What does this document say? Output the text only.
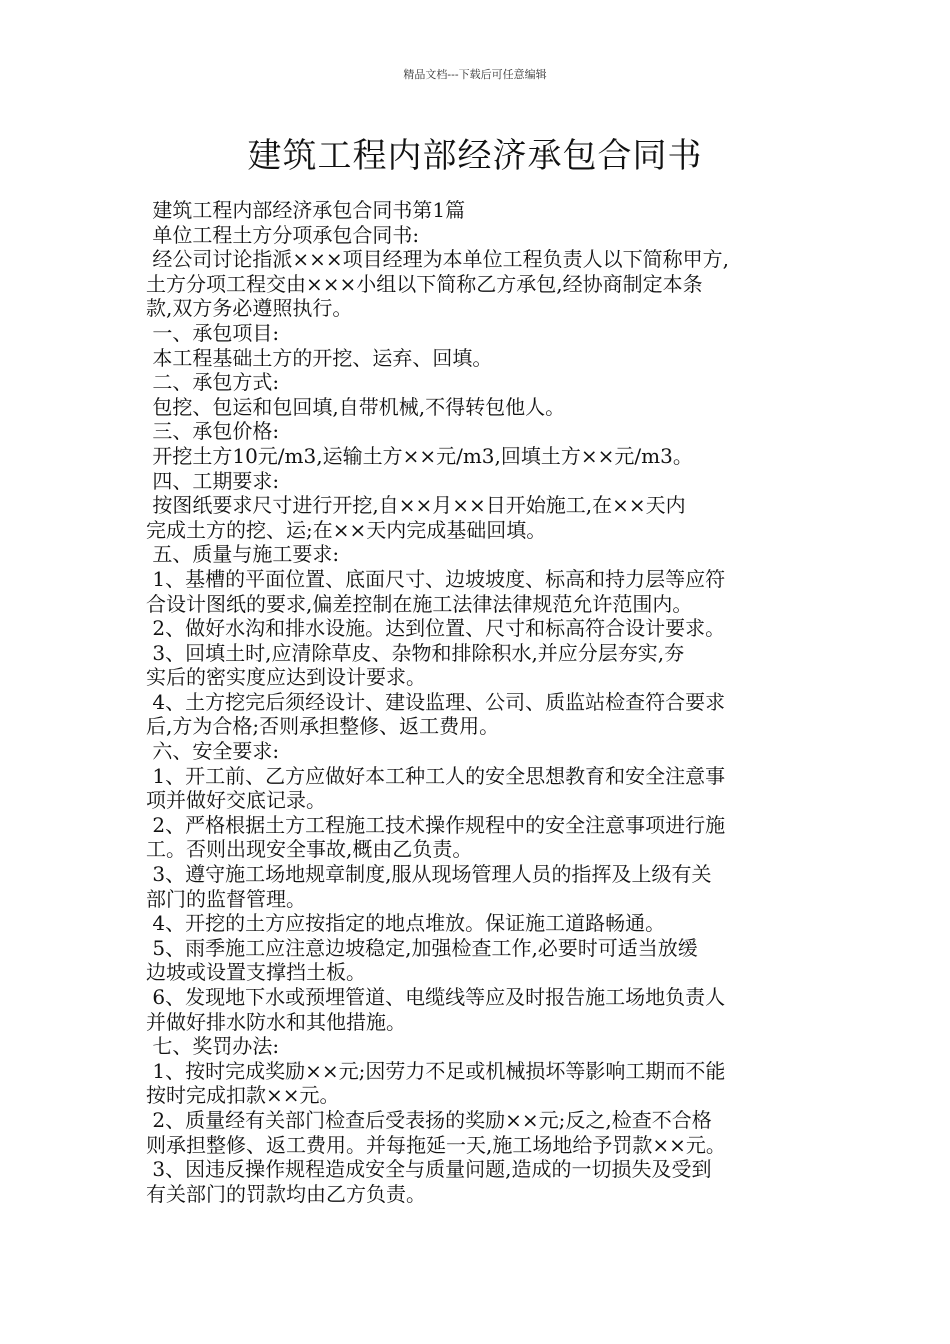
精品文档---下载后可任意编辑
建筑工程内部经济承包合同书
建筑工程内部经济承包合同书第1篇
单位工程土方分项承包合同书:
经公司讨论指派×××项目经理为本单位工程负责人以下简称甲方,
土方分项工程交由×××小组以下简称乙方承包,经协商制定本条
款,双方务必遵照执行。
一、承包项目:
本工程基础土方的开挖、运弃、回填。
二、承包方式:
包挖、包运和包回填,自带机械,不得转包他人。
三、承包价格:
开挖土方10元/m3,运输土方××元/m3,回填土方××元/m3。
四、工期要求:
按图纸要求尺寸进行开挖,自××月××日开始施工,在××天内
完成土方的挖、运;在××天内完成基础回填。
五、质量与施工要求:
1、基槽的平面位置、底面尺寸、边坡坡度、标高和持力层等应符
合设计图纸的要求,偏差控制在施工法律法律规范允许范围内。
2、做好水沟和排水设施。达到位置、尺寸和标高符合设计要求。
3、回填土时,应清除草皮、杂物和排除积水,并应分层夯实,夯
实后的密实度应达到设计要求。
4、土方挖完后须经设计、建设监理、公司、质监站检查符合要求
后,方为合格;否则承担整修、返工费用。
六、安全要求:
1、开工前、乙方应做好本工种工人的安全思想教育和安全注意事
项并做好交底记录。
2、严格根据土方工程施工技术操作规程中的安全注意事项进行施
工。否则出现安全事故,概由乙负责。
3、遵守施工场地规章制度,服从现场管理人员的指挥及上级有关
部门的监督管理。
4、开挖的土方应按指定的地点堆放。保证施工道路畅通。
5、雨季施工应注意边坡稳定,加强检查工作,必要时可适当放缓
边坡或设置支撑挡土板。
6、发现地下水或预埋管道、电缆线等应及时报告施工场地负责人
并做好排水防水和其他措施。
七、奖罚办法:
1、按时完成奖励××元;因劳力不足或机械损坏等影响工期而不能
按时完成扣款××元。
2、质量经有关部门检查后受表扬的奖励××元;反之,检查不合格
则承担整修、返工费用。并每拖延一天,施工场地给予罚款××元。
3、因违反操作规程造成安全与质量问题,造成的一切损失及受到
有关部门的罚款均由乙方负责。
